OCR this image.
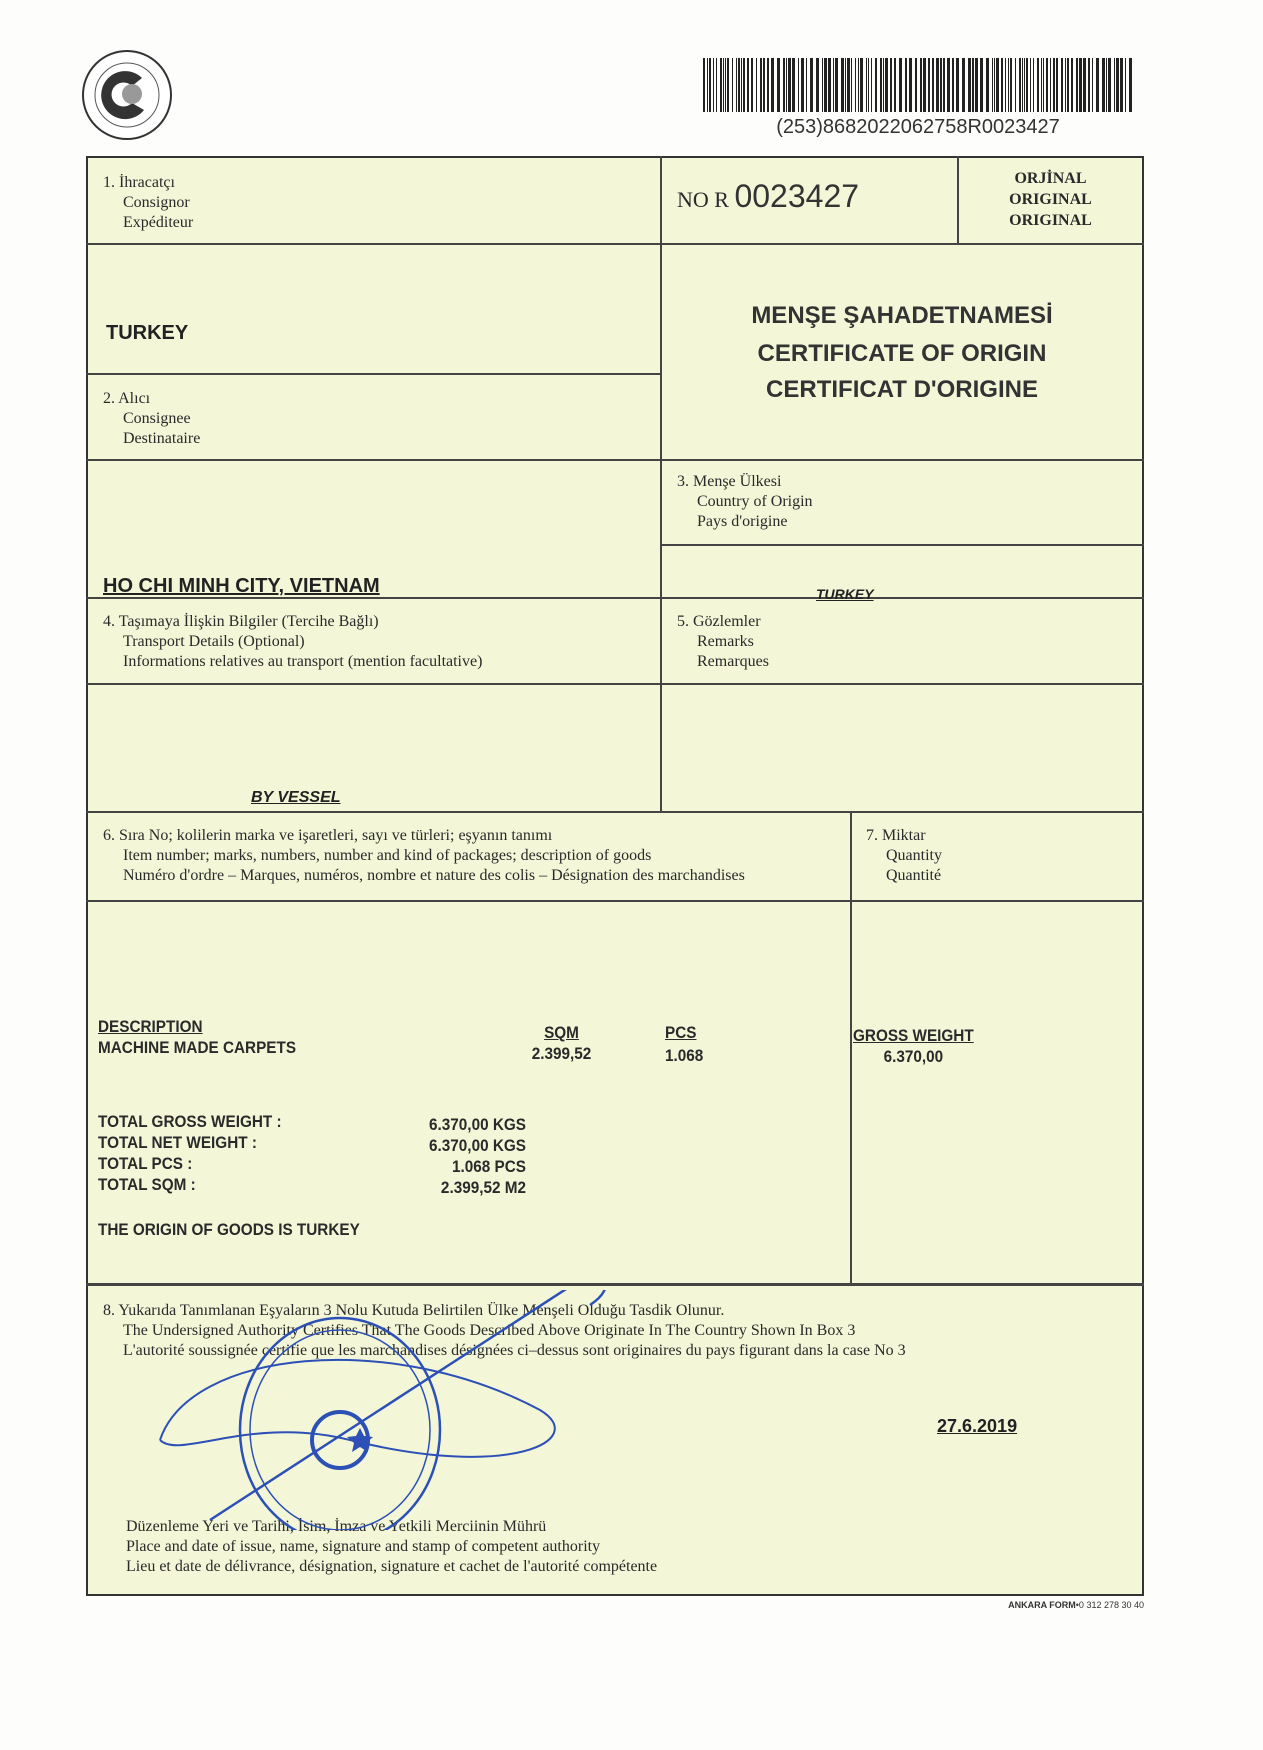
(253)8682022062758R0023427
1. İhracatçı
Consignor
Expéditeur
NO R 0023427	ORJİNAL
ORIGINAL
ORIGINAL
TURKEY
MENŞE ŞAHADETNAMESİ
CERTIFICATE OF ORIGIN
CERTIFICAT D'ORIGINE
2. Alıcı
Consignee
Destinataire
HO CHI MINH CITY, VIETNAM
3. Menşe Ülkesi
Country of Origin
Pays d'origine
TURKEY
4. Taşımaya İlişkin Bilgiler (Tercihe Bağlı)
Transport Details (Optional)
Informations relatives au transport (mention facultative)
BY VESSEL
5. Gözlemler
Remarks
Remarques
6. Sıra No; kolilerin marka ve işaretleri, sayı ve türleri; eşyanın tanımı
Item number; marks, numbers, number and kind of packages; description of goods
Numéro d'ordre – Marques, numéros, nombre et nature des colis – Désignation des marchandises
7. Miktar
Quantity
Quantité
DESCRIPTION
MACHINE MADE CARPETS
SQM
2.399,52
PCS
1.068
GROSS WEIGHT
6.370,00
TOTAL GROSS WEIGHT :
TOTAL NET WEIGHT :
TOTAL PCS :
TOTAL SQM :
6.370,00 KGS
6.370,00 KGS
1.068 PCS
2.399,52 M2
THE ORIGIN OF GOODS IS TURKEY
8. Yukarıda Tanımlanan Eşyaların 3 Nolu Kutuda Belirtilen Ülke Menşeli Olduğu Tasdik Olunur.
The Undersigned Authority Certifies That The Goods Described Above Originate In The Country Shown In Box 3
L'autorité soussignée certifie que les marchandises désignées ci–dessus sont originaires du pays figurant dans la case No 3
27.6.2019
Düzenleme Yeri ve Tarihi, İsim, İmza ve Yetkili Merciinin Mührü
Place and date of issue, name, signature and stamp of competent authority
Lieu et date de délivrance, désignation, signature et cachet de l'autorité compétente
ANKARA FORM•0 312 278 30 40
